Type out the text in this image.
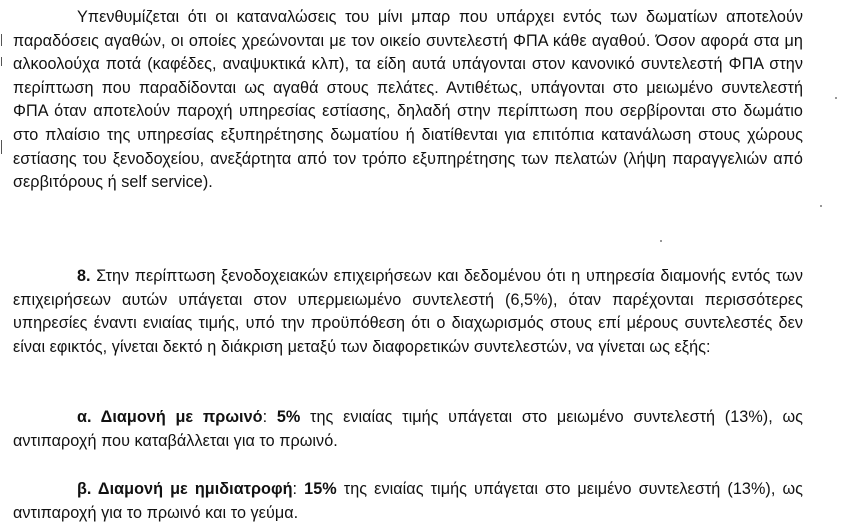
Υπενθυμίζεται ότι οι καταναλώσεις του μίνι μπαρ που υπάρχει εντός των δωματίων αποτελούν παραδόσεις αγαθών, οι οποίες χρεώνονται με τον οικείο συντελεστή ΦΠΑ κάθε αγαθού. Όσον αφορά στα μη αλκοολούχα ποτά (καφέδες, αναψυκτικά κλπ), τα είδη αυτά υπάγονται στον κανονικό συντελεστή ΦΠΑ στην περίπτωση που παραδίδονται ως αγαθά στους πελάτες. Αντιθέτως, υπάγονται στο μειωμένο συντελεστή ΦΠΑ όταν αποτελούν παροχή υπηρεσίας εστίασης, δηλαδή στην περίπτωση που σερβίρονται στο δωμάτιο στο πλαίσιο της υπηρεσίας εξυπηρέτησης δωματίου ή διατίθενται για επιτόπια κατανάλωση στους χώρους εστίασης του ξενοδοχείου, ανεξάρτητα από τον τρόπο εξυπηρέτησης των πελατών (λήψη παραγγελιών από σερβιτόρους ή self service).

8. Στην περίπτωση ξενοδοχειακών επιχειρήσεων και δεδομένου ότι η υπηρεσία διαμονής εντός των επιχειρήσεων αυτών υπάγεται στον υπερμειωμένο συντελεστή (6,5%), όταν παρέχονται περισσότερες υπηρεσίες έναντι ενιαίας τιμής, υπό την προϋπόθεση ότι ο διαχωρισμός στους επί μέρους συντελεστές δεν είναι εφικτός, γίνεται δεκτό η διάκριση μεταξύ των διαφορετικών συντελεστών, να γίνεται ως εξής:

α. Διαμονή με πρωινό: 5% της ενιαίας τιμής υπάγεται στο μειωμένο συντελεστή (13%), ως αντιπαροχή που καταβάλλεται για το πρωινό.

β. Διαμονή με ημιδιατροφή: 15% της ενιαίας τιμής υπάγεται στο μειμένο συντελεστή (13%), ως αντιπαροχή για το πρωινό και το γεύμα.
